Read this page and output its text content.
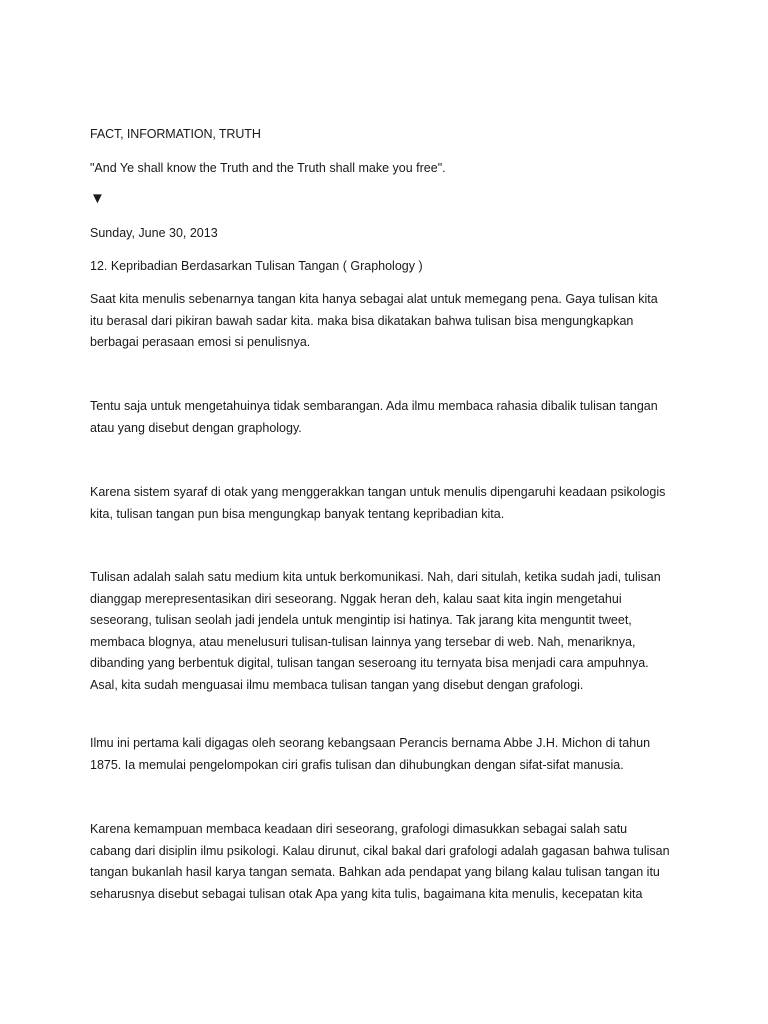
FACT, INFORMATION, TRUTH
"And Ye shall know the Truth and the Truth shall make you free".
▼
Sunday, June 30, 2013
12. Kepribadian Berdasarkan Tulisan Tangan ( Graphology )

Saat kita menulis sebenarnya tangan kita hanya sebagai alat untuk memegang pena. Gaya tulisan kita itu berasal dari pikiran bawah sadar kita. maka bisa dikatakan bahwa tulisan bisa mengungkapkan berbagai perasaan emosi si penulisnya.

Tentu saja untuk mengetahuinya tidak sembarangan. Ada ilmu membaca rahasia dibalik tulisan tangan atau yang disebut dengan graphology.

Karena sistem syaraf di otak yang menggerakkan tangan untuk menulis dipengaruhi keadaan psikologis kita, tulisan tangan pun bisa mengungkap banyak tentang kepribadian kita.

Tulisan adalah salah satu medium kita untuk berkomunikasi. Nah, dari situlah, ketika sudah jadi, tulisan dianggap merepresentasikan diri seseorang. Nggak heran deh, kalau saat kita ingin mengetahui seseorang, tulisan seolah jadi jendela untuk mengintip isi hatinya. Tak jarang kita menguntit tweet, membaca blognya, atau menelusuri tulisan-tulisan lainnya yang tersebar di web. Nah, menariknya, dibanding yang berbentuk digital, tulisan tangan seseroang itu ternyata bisa menjadi cara ampuhnya. Asal, kita sudah menguasai ilmu membaca tulisan tangan yang disebut dengan grafologi.

Ilmu ini pertama kali digagas oleh seorang kebangsaan Perancis bernama Abbe J.H. Michon di tahun 1875. Ia memulai pengelompokan ciri grafis tulisan dan dihubungkan dengan sifat-sifat manusia.

Karena kemampuan membaca keadaan diri seseorang, grafologi dimasukkan sebagai salah satu cabang dari disiplin ilmu psikologi. Kalau dirunut, cikal bakal dari grafologi adalah gagasan bahwa tulisan tangan bukanlah hasil karya tangan semata. Bahkan ada pendapat yang bilang kalau tulisan tangan itu seharusnya disebut sebagai tulisan otak Apa yang kita tulis, bagaimana kita menulis, kecepatan kita
